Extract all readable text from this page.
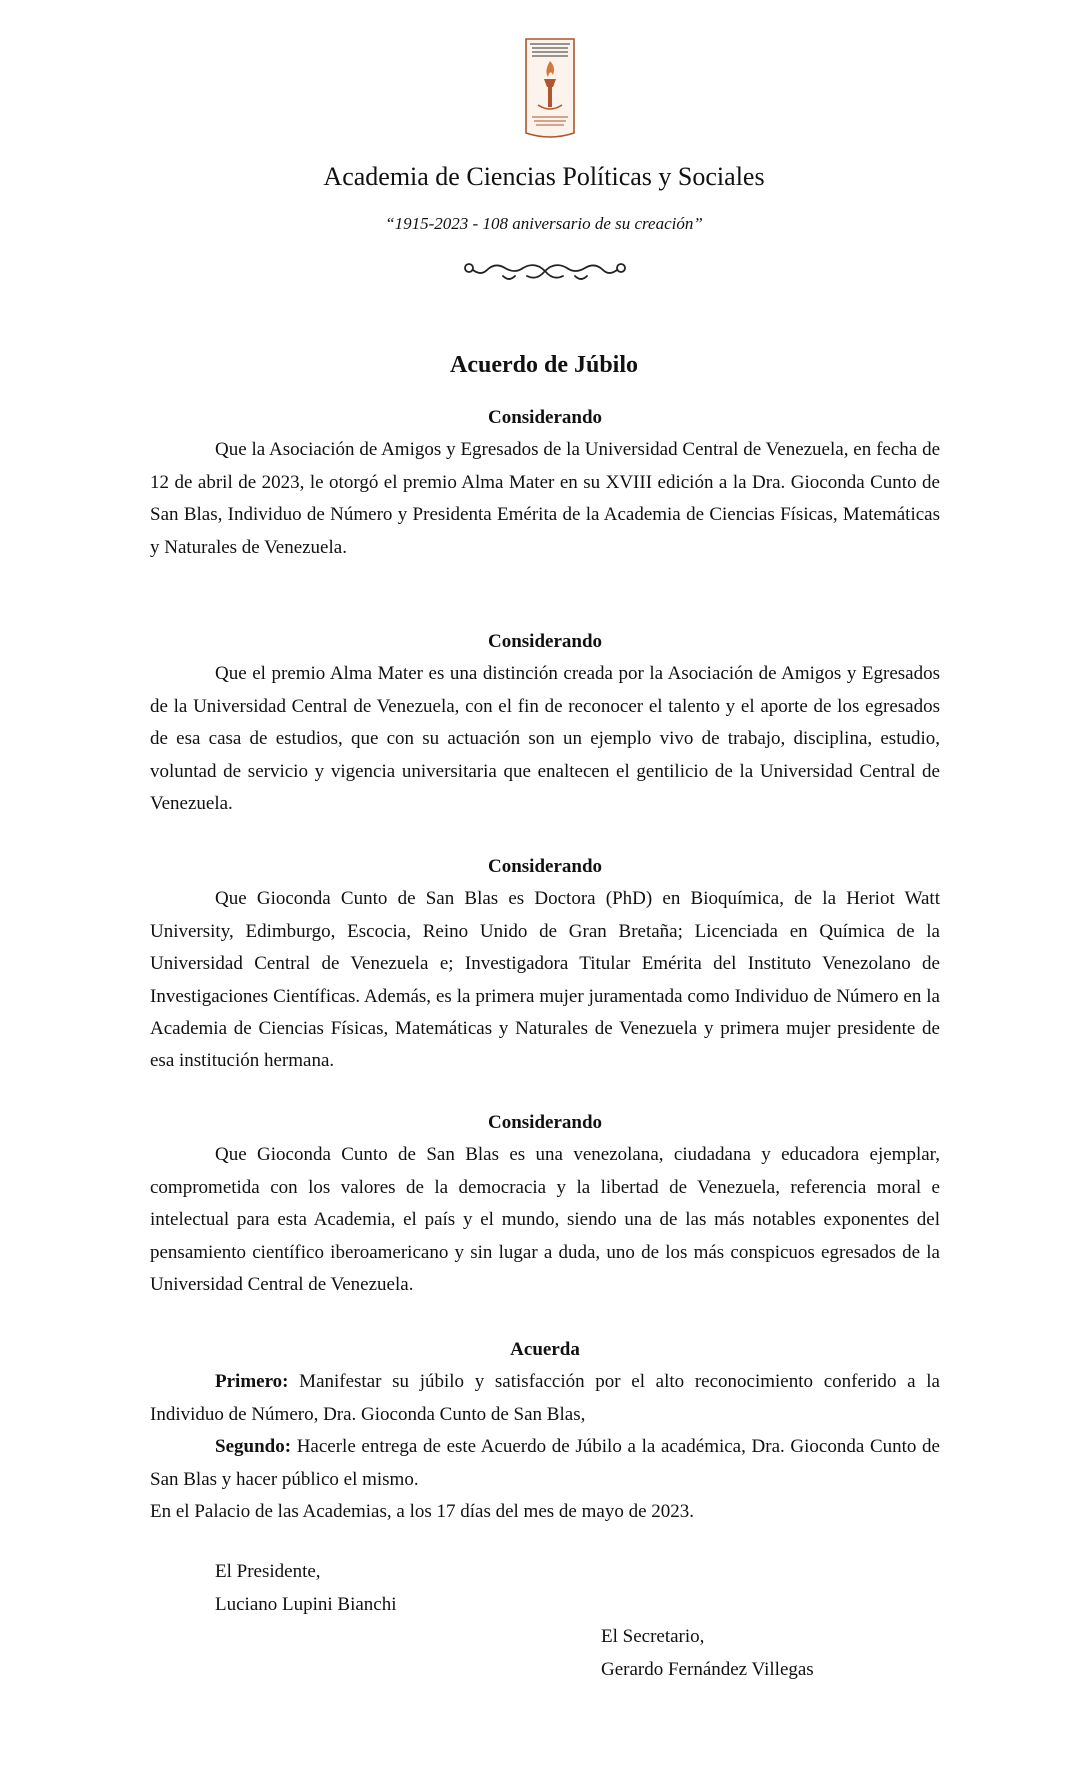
Academia de Ciencias Políticas y Sociales
“1915-2023 - 108 aniversario de su creación”
Acuerdo de Júbilo

Considerando

Que la Asociación de Amigos y Egresados de la Universidad Central de Venezuela, en fecha de 12 de abril de 2023, le otorgó el premio Alma Mater en su XVIII edición a la Dra. Gioconda Cunto de San Blas, Individuo de Número y Presidenta Emérita de la Academia de Ciencias Físicas, Matemáticas y Naturales de Venezuela.

Considerando

Que el premio Alma Mater es una distinción creada por la Asociación de Amigos y Egresados de la Universidad Central de Venezuela, con el fin de reconocer el talento y el aporte de los egresados de esa casa de estudios, que con su actuación son un ejemplo vivo de trabajo, disciplina, estudio, voluntad de servicio y vigencia universitaria que enaltecen el gentilicio de la Universidad Central de Venezuela.

Considerando

Que Gioconda Cunto de San Blas es Doctora (PhD) en Bioquímica, de la Heriot Watt University, Edimburgo, Escocia, Reino Unido de Gran Bretaña; Licenciada en Química de la Universidad Central de Venezuela e; Investigadora Titular Emérita del Instituto Venezolano de Investigaciones Científicas. Además, es la primera mujer juramentada como Individuo de Número en la Academia de Ciencias Físicas, Matemáticas y Naturales de Venezuela y primera mujer presidente de esa institución hermana.

Considerando

Que Gioconda Cunto de San Blas es una venezolana, ciudadana y educadora ejemplar, comprometida con los valores de la democracia y la libertad de Venezuela, referencia moral e intelectual para esta Academia, el país y el mundo, siendo una de las más notables exponentes del pensamiento científico iberoamericano y sin lugar a duda, uno de los más conspicuos egresados de la Universidad Central de Venezuela.

Acuerda

Primero: Manifestar su júbilo y satisfacción por el alto reconocimiento conferido a la Individuo de Número, Dra. Gioconda Cunto de San Blas,

Segundo: Hacerle entrega de este Acuerdo de Júbilo a la académica, Dra. Gioconda Cunto de San Blas y hacer público el mismo.

En el Palacio de las Academias, a los 17 días del mes de mayo de 2023.
El Presidente,
Luciano Lupini Bianchi
El Secretario,
Gerardo Fernández Villegas
